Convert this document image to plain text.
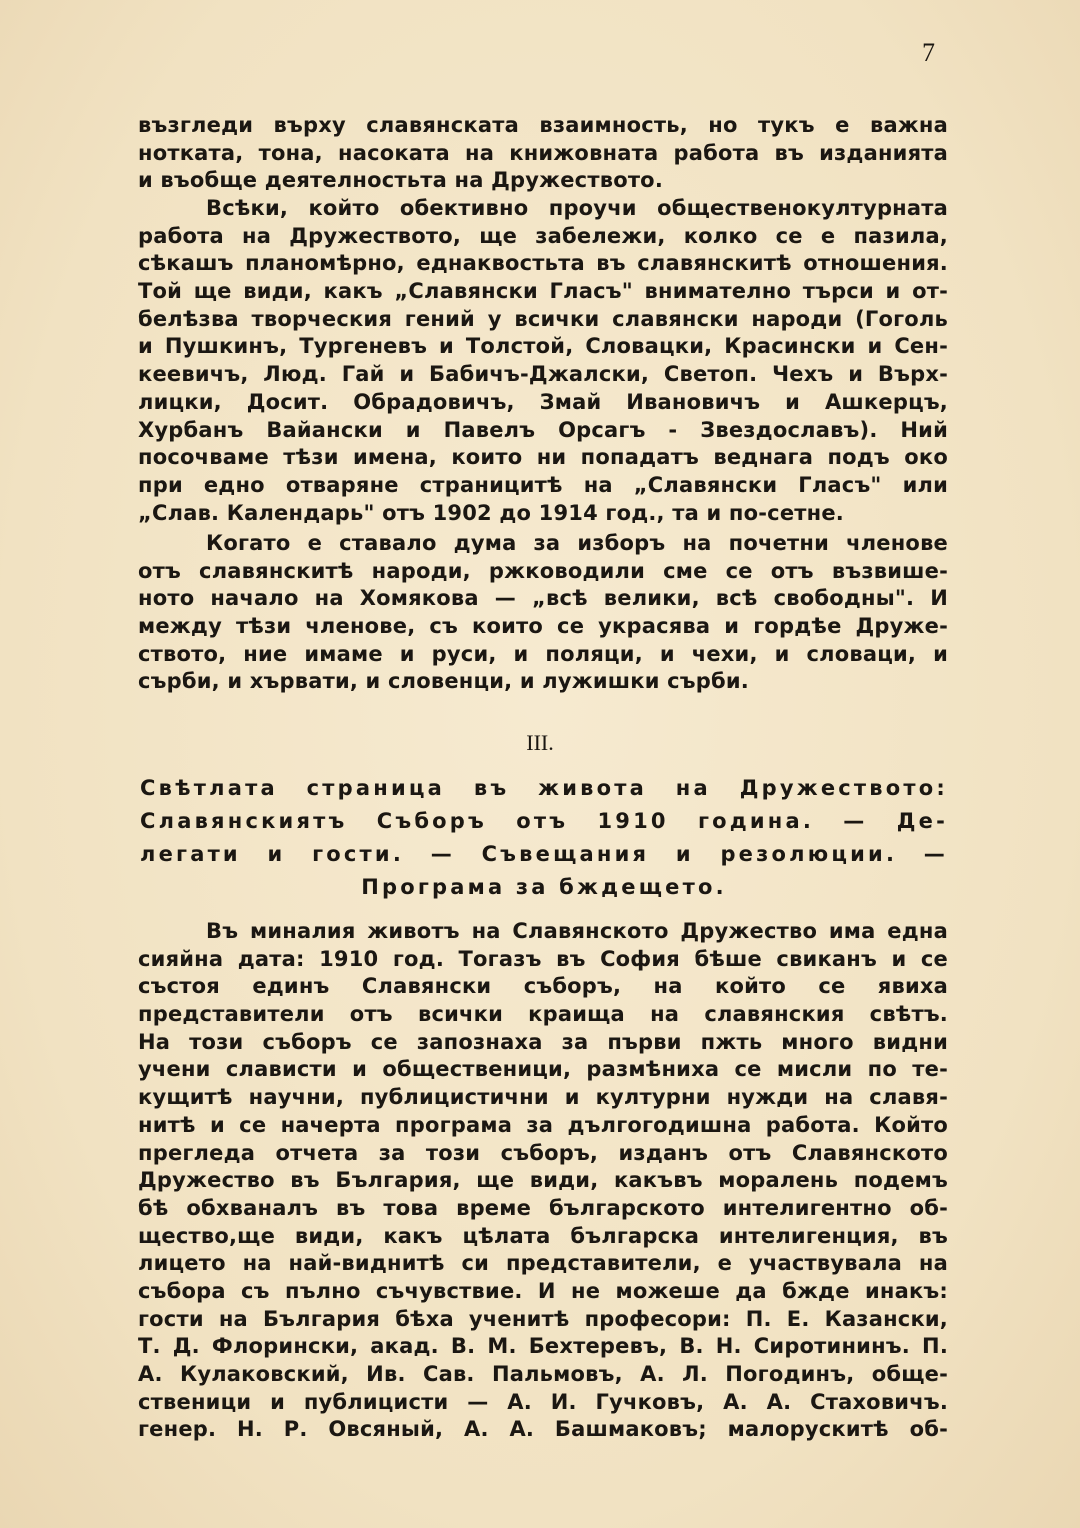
7
възгледи върху славянската взаимность, но тукъ е важна
нотката, тона, насоката на книжовната работа въ изданията
и въобще деятелностьта на Дружеството.
Всѣки, който обективно проучи общественокултурната
работа на Дружеството, ще забележи, колко се е пазила,
сѣкашъ планомѣрно, еднаквостьта въ славянскитѣ отношения.
Той ще види, какъ „Славянски Гласъ" внимателно търси и от-
белѣзва творческия гений у всички славянски народи (Гоголь
и Пушкинъ, Тургеневъ и Толстой, Словацки, Красински и Сен-
кеевичъ, Люд. Гай и Бабичъ-Джалски, Светоп. Чехъ и Върх-
лицки, Досит. Обрадовичъ, Змай Ивановичъ и Ашкерцъ,
Хурбанъ Вайански и Павелъ Орсагъ - Звездославъ). Ний
посочваме тѣзи имена, които ни попадатъ веднага подъ око
при едно отваряне страницитѣ на „Славянски Гласъ" или
„Слав. Календарь" отъ 1902 до 1914 год., та и по-сетне.
Когато е ставало дума за изборъ на почетни членове
отъ славянскитѣ народи, ржководили сме се отъ възвише-
ното начало на Хомякова — „всѣ велики, всѣ свободны". И
между тѣзи членове, съ които се украсява и гордѣе Друже-
ството, ние имаме и руси, и поляци, и чехи, и словаци, и
сърби, и хървати, и словенци, и лужишки сърби.
III.
Свѣтлата страница въ живота на Дружеството:
Славянскиятъ Съборъ отъ 1910 година. — Де-
легати и гости. — Съвещания и резолюции. —
Програма за бждещето.
Въ миналия животъ на Славянското Дружество има една
сияйна дата: 1910 год. Тогазъ въ София бѣше свиканъ и се
състоя единъ Славянски съборъ, на който се явиха
представители отъ всички краища на славянския свѣтъ.
На този съборъ се запознаха за първи пжть много видни
учени слависти и общественици, размѣниха се мисли по те-
кущитѣ научни, публицистични и културни нужди на славя-
нитѣ и се начерта програма за дългогодишна работа. Който
прегледа отчета за този съборъ, изданъ отъ Славянското
Дружество въ България, ще види, какъвъ моралень подемъ
бѣ обхваналъ въ това време българското интелигентно об-
щество,ще види, какъ цѣлата българска интелигенция, въ
лицето на най-виднитѣ си представители, е участвувала на
събора съ пълно съчувствие. И не можеше да бжде инакъ:
гости на България бѣха ученитѣ професори: П. Е. Казански,
Т. Д. Флорински, акад. В. М. Бехтеревъ, В. Н. Сиротининъ. П.
А. Кулаковский, Ив. Сав. Пальмовъ, А. Л. Погодинъ, обще-
ственици и публицисти — А. И. Гучковъ, А. А. Стаховичъ.
генер. Н. Р. Овсяный, А. А. Башмаковъ; малорускитѣ об-
